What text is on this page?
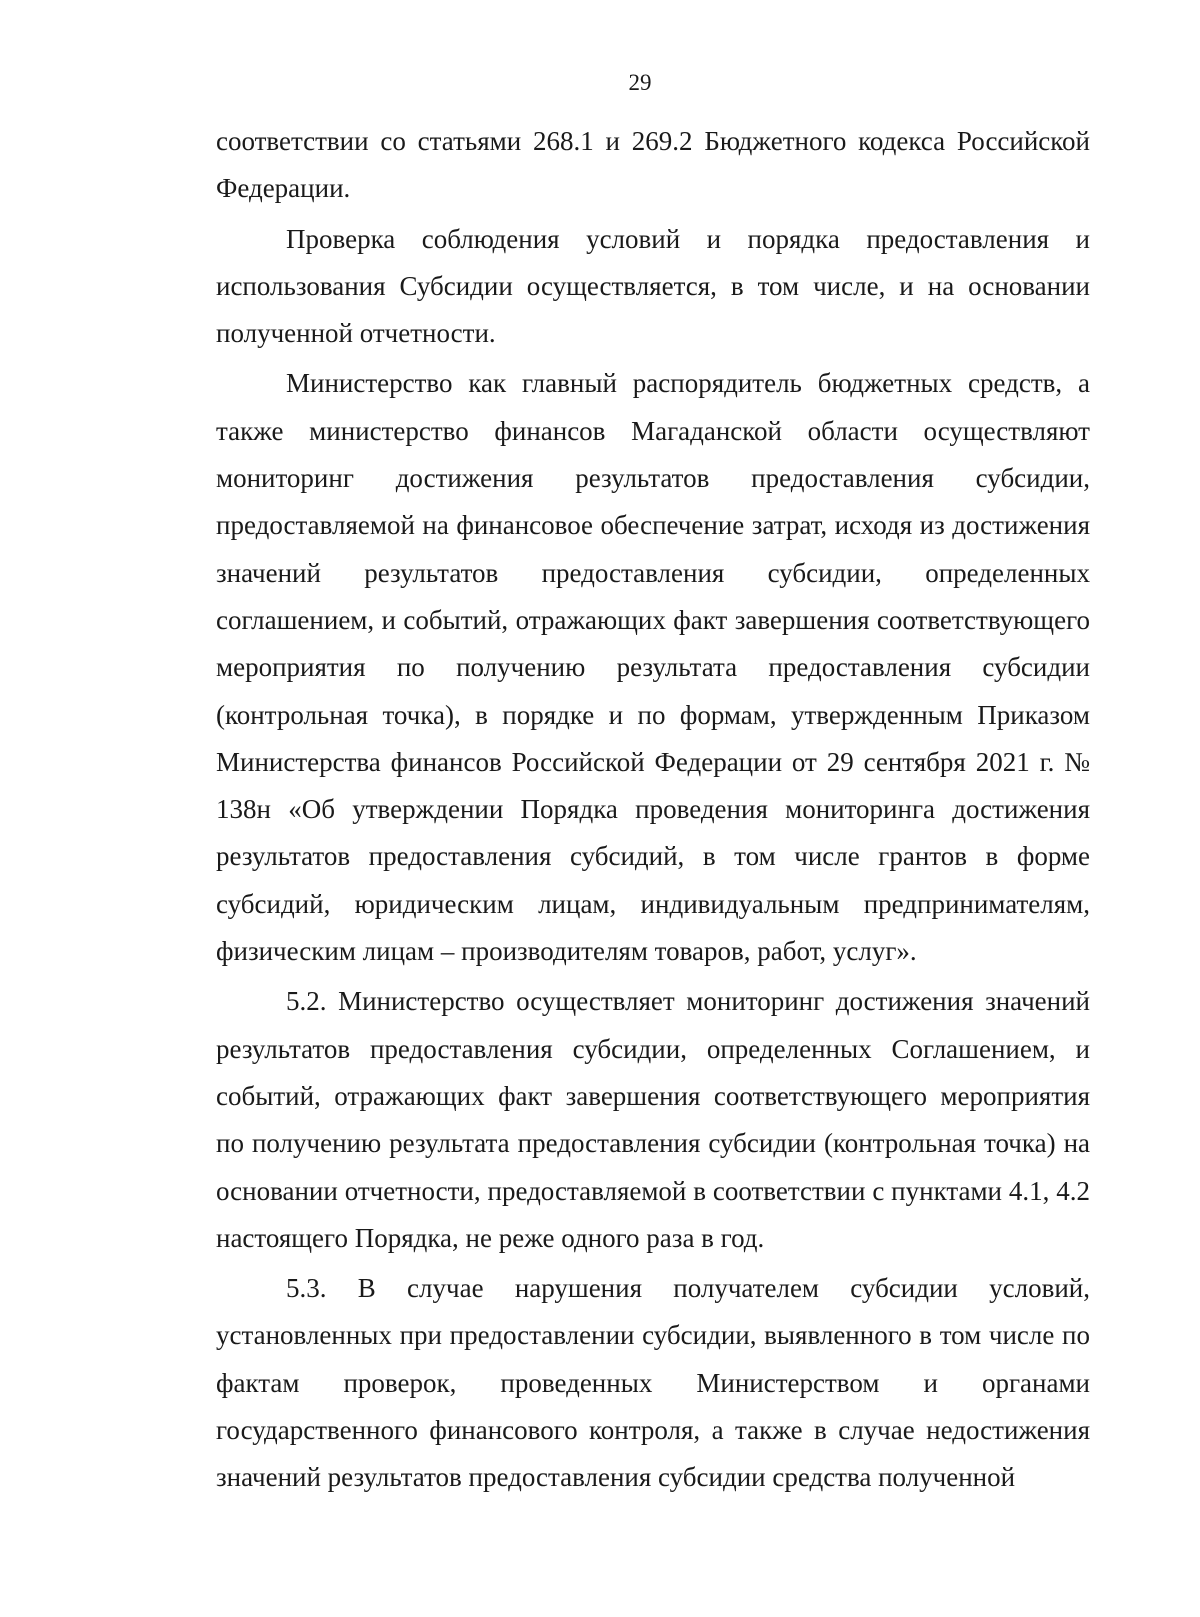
29

соответствии со статьями 268.1 и 269.2 Бюджетного кодекса Российской Федерации.

Проверка соблюдения условий и порядка предоставления и использования Субсидии осуществляется, в том числе, и на основании полученной отчетности.

Министерство как главный распорядитель бюджетных средств, а также министерство финансов Магаданской области осуществляют мониторинг достижения результатов предоставления субсидии, предоставляемой на финансовое обеспечение затрат, исходя из достижения значений результатов предоставления субсидии, определенных соглашением, и событий, отражающих факт завершения соответствующего мероприятия по получению результата предоставления субсидии (контрольная точка), в порядке и по формам, утвержденным Приказом Министерства финансов Российской Федерации от 29 сентября 2021 г. № 138н «Об утверждении Порядка проведения мониторинга достижения результатов предоставления субсидий, в том числе грантов в форме субсидий, юридическим лицам, индивидуальным предпринимателям, физическим лицам – производителям товаров, работ, услуг».

5.2. Министерство осуществляет мониторинг достижения значений результатов предоставления субсидии, определенных Соглашением, и событий, отражающих факт завершения соответствующего мероприятия по получению результата предоставления субсидии (контрольная точка) на основании отчетности, предоставляемой в соответствии с пунктами 4.1, 4.2 настоящего Порядка, не реже одного раза в год.

5.3. В случае нарушения получателем субсидии условий, установленных при предоставлении субсидии, выявленного в том числе по фактам проверок, проведенных Министерством и органами государственного финансового контроля, а также в случае недостижения значений результатов предоставления субсидии средства полученной
